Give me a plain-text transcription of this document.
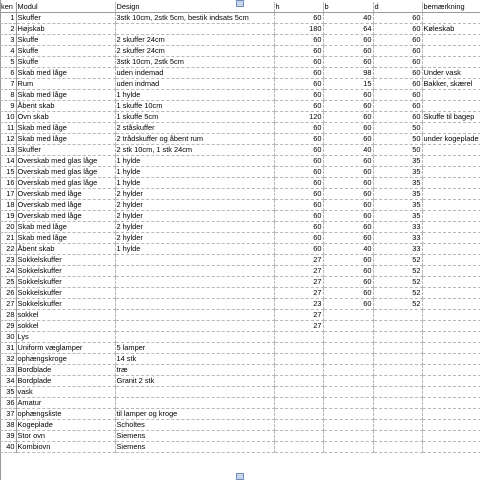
ken	Modul	Design	h	b	d	bemærkning
1	Skuffer	3stk 10cm, 2stk 5cm, bestik indsats 5cm	60	40	60	
2	Højskab		180	64	60	Køleskab
3	Skuffe	2 skuffer 24cm	60	60	60	
4	Skuffe	2 skuffer 24cm	60	60	60	
5	Skuffe	3stk 10cm, 2stk 5cm	60	60	60	
6	Skab med låge	uden indemad	60	98	60	Under vask
7	Rum	uden indmad	60	15	60	Bakker, skærel
8	Skab med låge	1 hylde	60	60	60	
9	Åbent skab	1 skuffe 10cm	60	60	60	
10	Ovn skab	1 skuffe 5cm	120	60	60	Skuffe til bagep
11	Skab med låge	2 ståskuffer	60	60	50	
12	Skab med låge	2 trådskuffer og åbent rum	60	60	50	under kogeplade
13	Skuffer	2 stk 10cm, 1 stk 24cm	60	40	50	
14	Overskab med glas låge	1 hylde	60	60	35	
15	Overskab med glas låge	1 hylde	60	60	35	
16	Overskab med glas låge	1 hylde	60	60	35	
17	Overskab med låge	2 hylder	60	60	35	
18	Overskab med låge	2 hylder	60	60	35	
19	Overskab med låge	2 hylder	60	60	35	
20	Skab med låge	2 hylder	60	60	33	
21	Skab med låge	2 hylder	60	60	33	
22	Åbent skab	1 hylde	60	40	33	
23	Sokkelskuffer		27	60	52	
24	Sokkelskuffer		27	60	52	
25	Sokkelskuffer		27	60	52	
26	Sokkelskuffer		27	60	52	
27	Sokkelskuffer		23	60	52	
28	sokkel		27			
29	sokkel		27			
30	Lys					
31	Uniform væglamper	5 lamper				
32	ophængskroge	14 stk				
33	Bordblade	træ				
34	Bordplade	Granit 2 stk				
35	vask					
36	Amatur					
37	ophængsliste	til lamper og kroge				
38	Kogeplade	Scholtes				
39	Stor ovn	Siemens				
40	Kombiovn	Siemens				
